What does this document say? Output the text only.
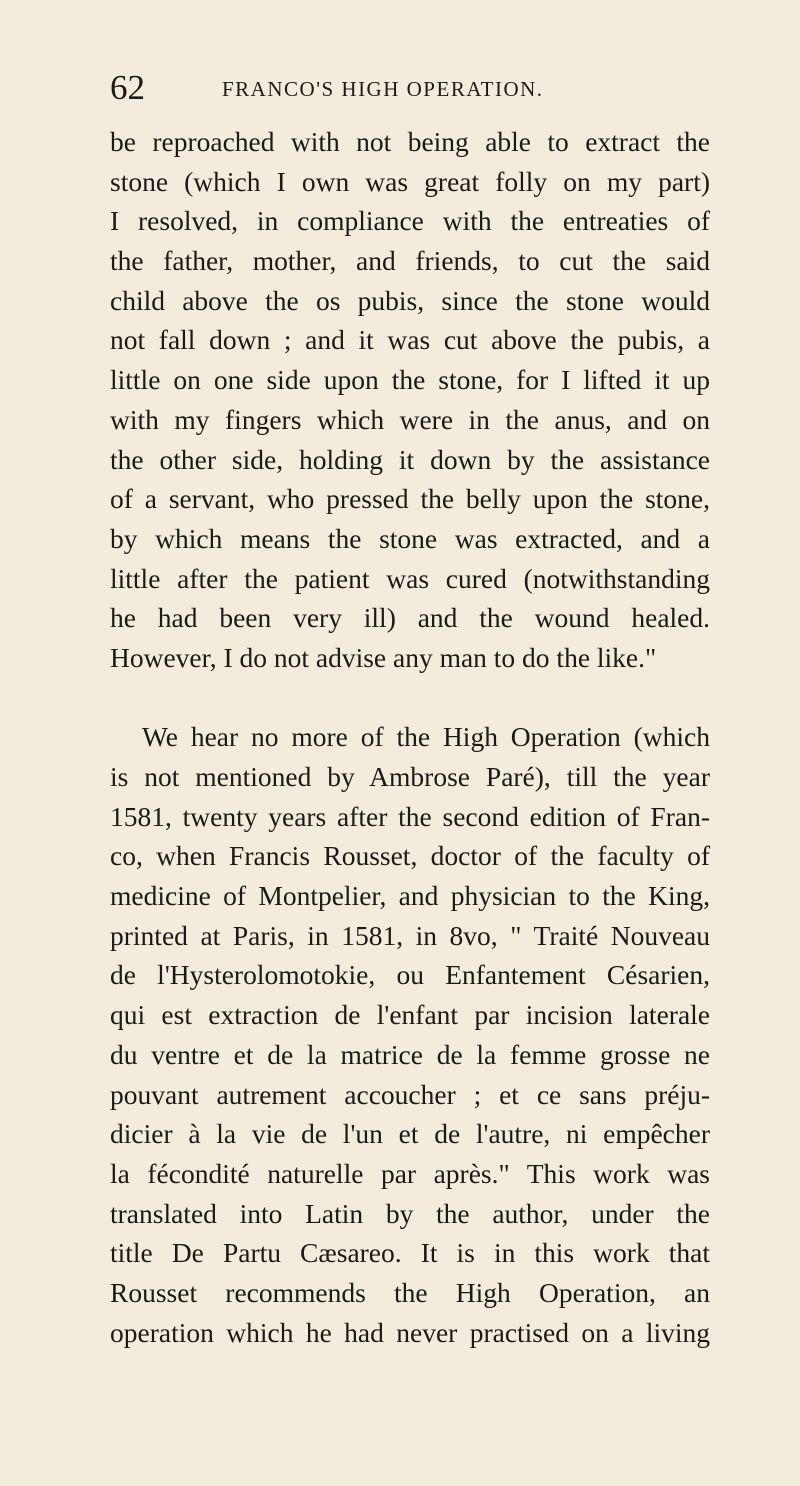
62	FRANCO'S HIGH OPERATION.
be reproached with not being able to extract the
stone (which I own was great folly on my part)
I resolved, in compliance with the entreaties of
the father, mother, and friends, to cut the said
child above the os pubis, since the stone would
not fall down ; and it was cut above the pubis, a
little on one side upon the stone, for I lifted it up
with my fingers which were in the anus, and on
the other side, holding it down by the assistance
of a servant, who pressed the belly upon the stone,
by which means the stone was extracted, and a
little after the patient was cured (notwithstanding
he had been very ill) and the wound healed.
However, I do not advise any man to do the like."
We hear no more of the High Operation (which
is not mentioned by Ambrose Paré), till the year
1581, twenty years after the second edition of Fran-
co, when Francis Rousset, doctor of the faculty of
medicine of Montpelier, and physician to the King,
printed at Paris, in 1581, in 8vo, " Traité Nouveau
de l'Hysterolomotokie, ou Enfantement Césarien,
qui est extraction de l'enfant par incision laterale
du ventre et de la matrice de la femme grosse ne
pouvant autrement accoucher ; et ce sans préju-
dicier à la vie de l'un et de l'autre, ni empêcher
la fécondité naturelle par après." This work was
translated into Latin by the author, under the
title De Partu Cæsareo. It is in this work that
Rousset recommends the High Operation, an
operation which he had never practised on a living
